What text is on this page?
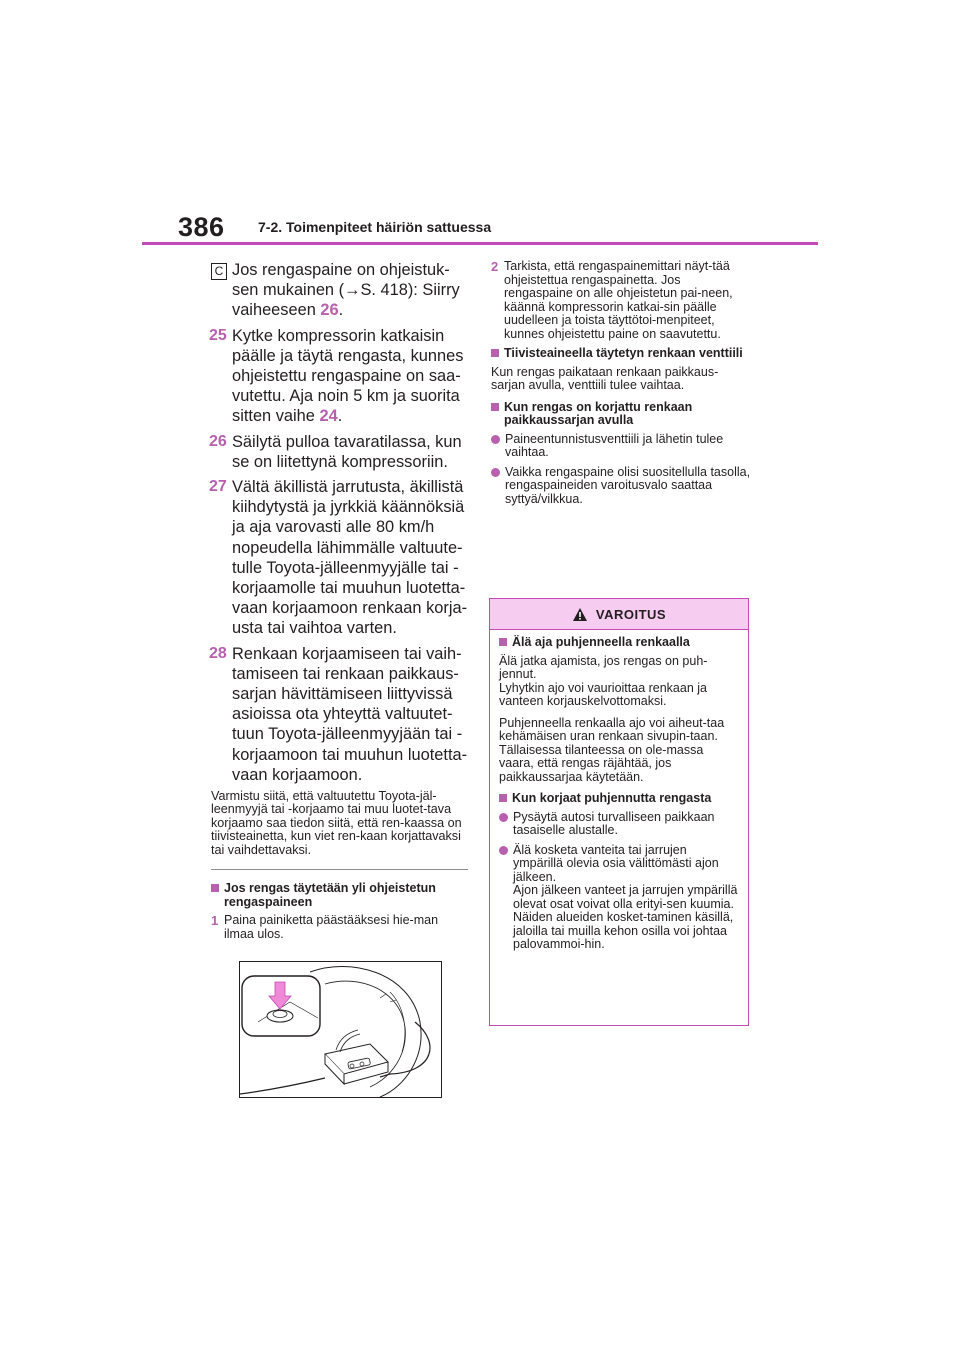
386 7-2. Toimenpiteet häiriön sattuessa
C Jos rengaspaine on ohjeistuk-sen mukainen (→S. 418): Siirry vaiheeseen 26.
25 Kytke kompressorin katkaisin päälle ja täytä rengasta, kunnes ohjeistettu rengaspaine on saa-vutettu. Aja noin 5 km ja suorita sitten vaihe 24.
26 Säilytä pulloa tavaratilassa, kun se on liitettynä kompressoriin.
27 Vältä äkillistä jarrutusta, äkillistä kiihdytystä ja jyrkkiä käännöksiä ja aja varovasti alle 80 km/h nopeudella lähimmälle valtuute-tulle Toyota-jälleenmyyjälle tai -korjaamolle tai muuhun luotetta-vaan korjaamoon renkaan korja-usta tai vaihtoa varten.
28 Renkaan korjaamiseen tai vaih-tamiseen tai renkaan paikkaus-sarjan hävittämiseen liittyvissä asioissa ota yhteyttä valtuutet-tuun Toyota-jälleenmyyjään tai -korjaamoon tai muuhun luotetta-vaan korjaamoon.
Varmistu siitä, että valtuutettu Toyota-jäl-leenmyyjä tai -korjaamo tai muu luotet-tava korjaamo saa tiedon siitä, että ren-kaassa on tiivisteainetta, kun viet ren-kaan korjattavaksi tai vaihdettavaksi.
Jos rengas täytetään yli ohjeistetun rengaspaineen
1 Paina painiketta päästääksesi hie-man ilmaa ulos.
2 Tarkista, että rengaspainemittari näyt-tää ohjeistettua rengaspainetta. Jos rengaspaine on alle ohjeistetun pai-neen, käännä kompressorin katkai-sin päälle uudelleen ja toista täyttötoi-menpiteet, kunnes ohjeistettu paine on saavutettu.
Tiivisteaineella täytetyn renkaan venttiili
Kun rengas paikataan renkaan paikkaus-sarjan avulla, venttiili tulee vaihtaa.
Kun rengas on korjattu renkaan paikkaussarjan avulla
Paineentunnistusventtiili ja lähetin tulee vaihtaa.
Vaikka rengaspaine olisi suositellulla tasolla, rengaspaineiden varoitusvalo saattaa syttyä/vilkkua.
VAROITUS
Älä aja puhjenneella renkaalla
Älä jatka ajamista, jos rengas on puh-jennut.
Lyhytkin ajo voi vaurioittaa renkaan ja vanteen korjauskelvottomaksi.
Puhjenneella renkaalla ajo voi aiheut-taa kehämäisen uran renkaan sivupin-taan. Tällaisessa tilanteessa on ole-massa vaara, että rengas räjähtää, jos paikkaussarjaa käytetään.
Kun korjaat puhjennutta rengasta
Pysäytä autosi turvalliseen paikkaan tasaiselle alustalle.
Älä kosketa vanteita tai jarrujen ympärillä olevia osia välittömästi ajon jälkeen.
Ajon jälkeen vanteet ja jarrujen ympärillä olevat osat voivat olla erityi-sen kuumia. Näiden alueiden kosket-taminen käsillä, jaloilla tai muilla kehon osilla voi johtaa palovammoi-hin.
